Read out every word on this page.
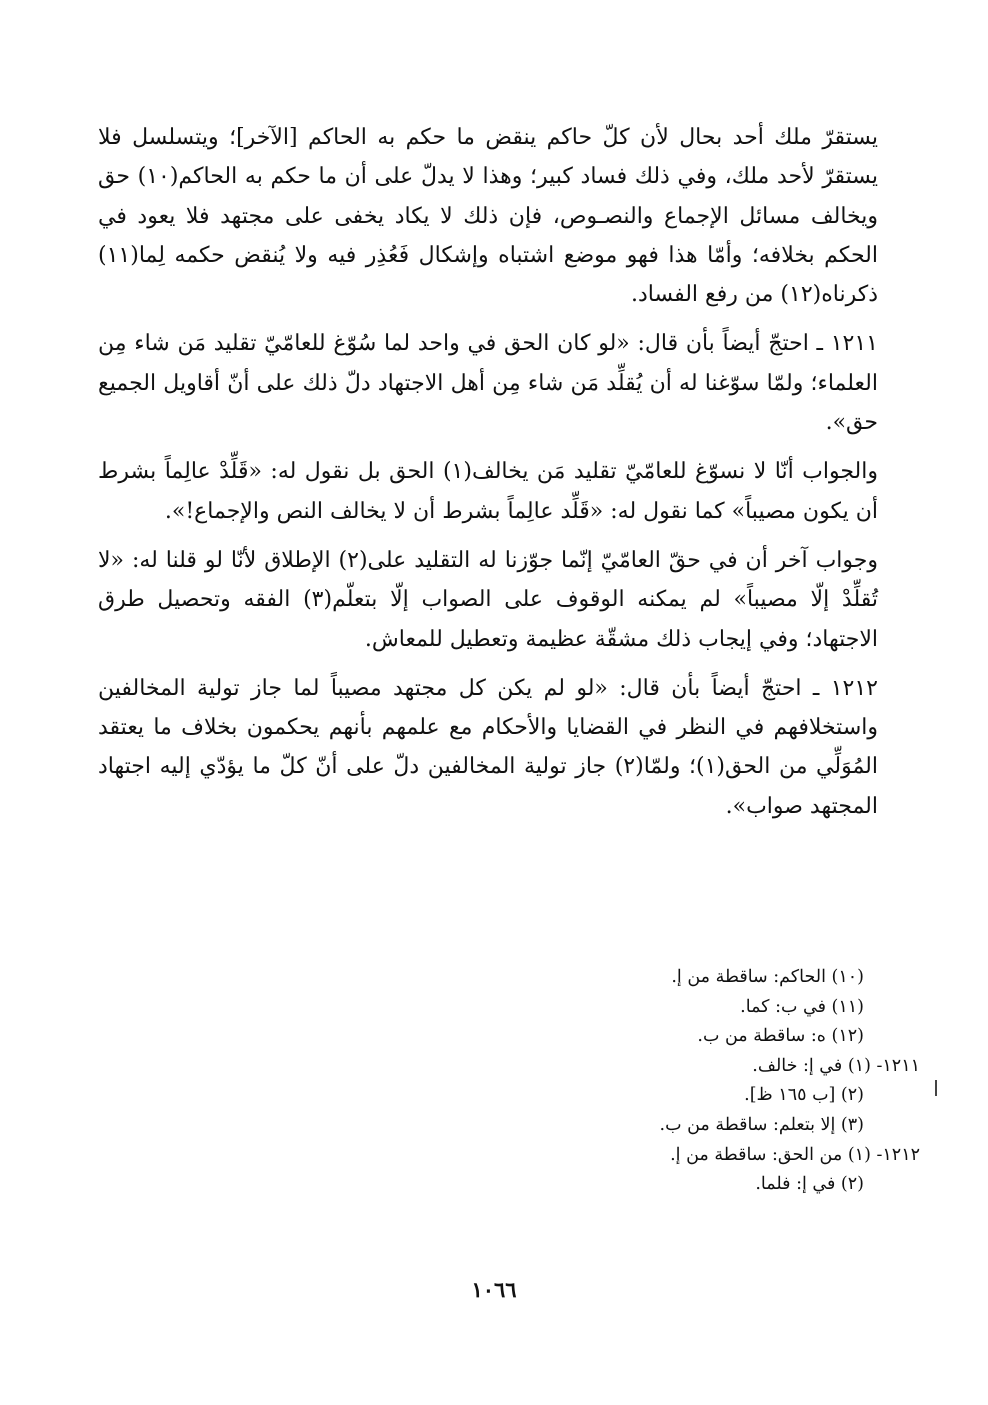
يستقرّ ملك أحد بحال لأن كلّ حاكم ينقض ما حكم به الحاكم [الآخر]؛ ويتسلسل فلا يستقرّ لأحد ملك، وفي ذلك فساد كبير؛ وهذا لا يدلّ على أن ما حكم به الحاكم(١٠) حق ويخالف مسائل الإجماع والنصـوص، فإن ذلك لا يكاد يخفى على مجتهد فلا يعود في الحكم بخلافه؛ وأمّا هذا فهو موضع اشتباه وإشكال فَعُذِر فيه ولا يُنقض حكمه لِما(١١) ذكرناه(١٢) من رفع الفساد.

١٢١١ ـ احتجّ أيضاً بأن قال: «لو كان الحق في واحد لما سُوّغ للعامّيّ تقليد مَن شاء مِن العلماء؛ ولمّا سوّغنا له أن يُقلِّد مَن شاء مِن أهل الاجتهاد دلّ ذلك على أنّ أقاويل الجميع حق».

والجواب أنّا لا نسوّغ للعامّيّ تقليد مَن يخالف(١) الحق بل نقول له: «قَلِّدْ عالِماً بشرط أن يكون مصيباً» كما نقول له: «قَلِّد عالِماً بشرط أن لا يخالف النص والإجماع!».

وجواب آخر أن في حقّ العامّيّ إنّما جوّزنا له التقليد على(٢) الإطلاق لأنّا لو قلنا له: «لا تُقلِّدْ إلّا مصيباً» لم يمكنه الوقوف على الصواب إلّا بتعلّم(٣) الفقه وتحصيل طرق الاجتهاد؛ وفي إيجاب ذلك مشقّة عظيمة وتعطيل للمعاش.

١٢١٢ ـ احتجّ أيضاً بأن قال: «لو لم يكن كل مجتهد مصيباً لما جاز تولية المخالفين واستخلافهم في النظر في القضايا والأحكام مع علمهم بأنهم يحكمون بخلاف ما يعتقد المُوَلِّي من الحق(١)؛ ولمّا(٢) جاز تولية المخالفين دلّ على أنّ كلّ ما يؤدّي إليه اجتهاد المجتهد صواب».

(١٠) الحاكم: ساقطة من إ.
(١١) في ب: كما.
(١٢) ه: ساقطة من ب.
١٢١١- (١) في إ: خالف.
(٢) [ب ١٦٥ ظ].
(٣) إلا بتعلم: ساقطة من ب.
١٢١٢- (١) من الحق: ساقطة من إ.
(٢) في إ: فلما.
١٠٦٦
